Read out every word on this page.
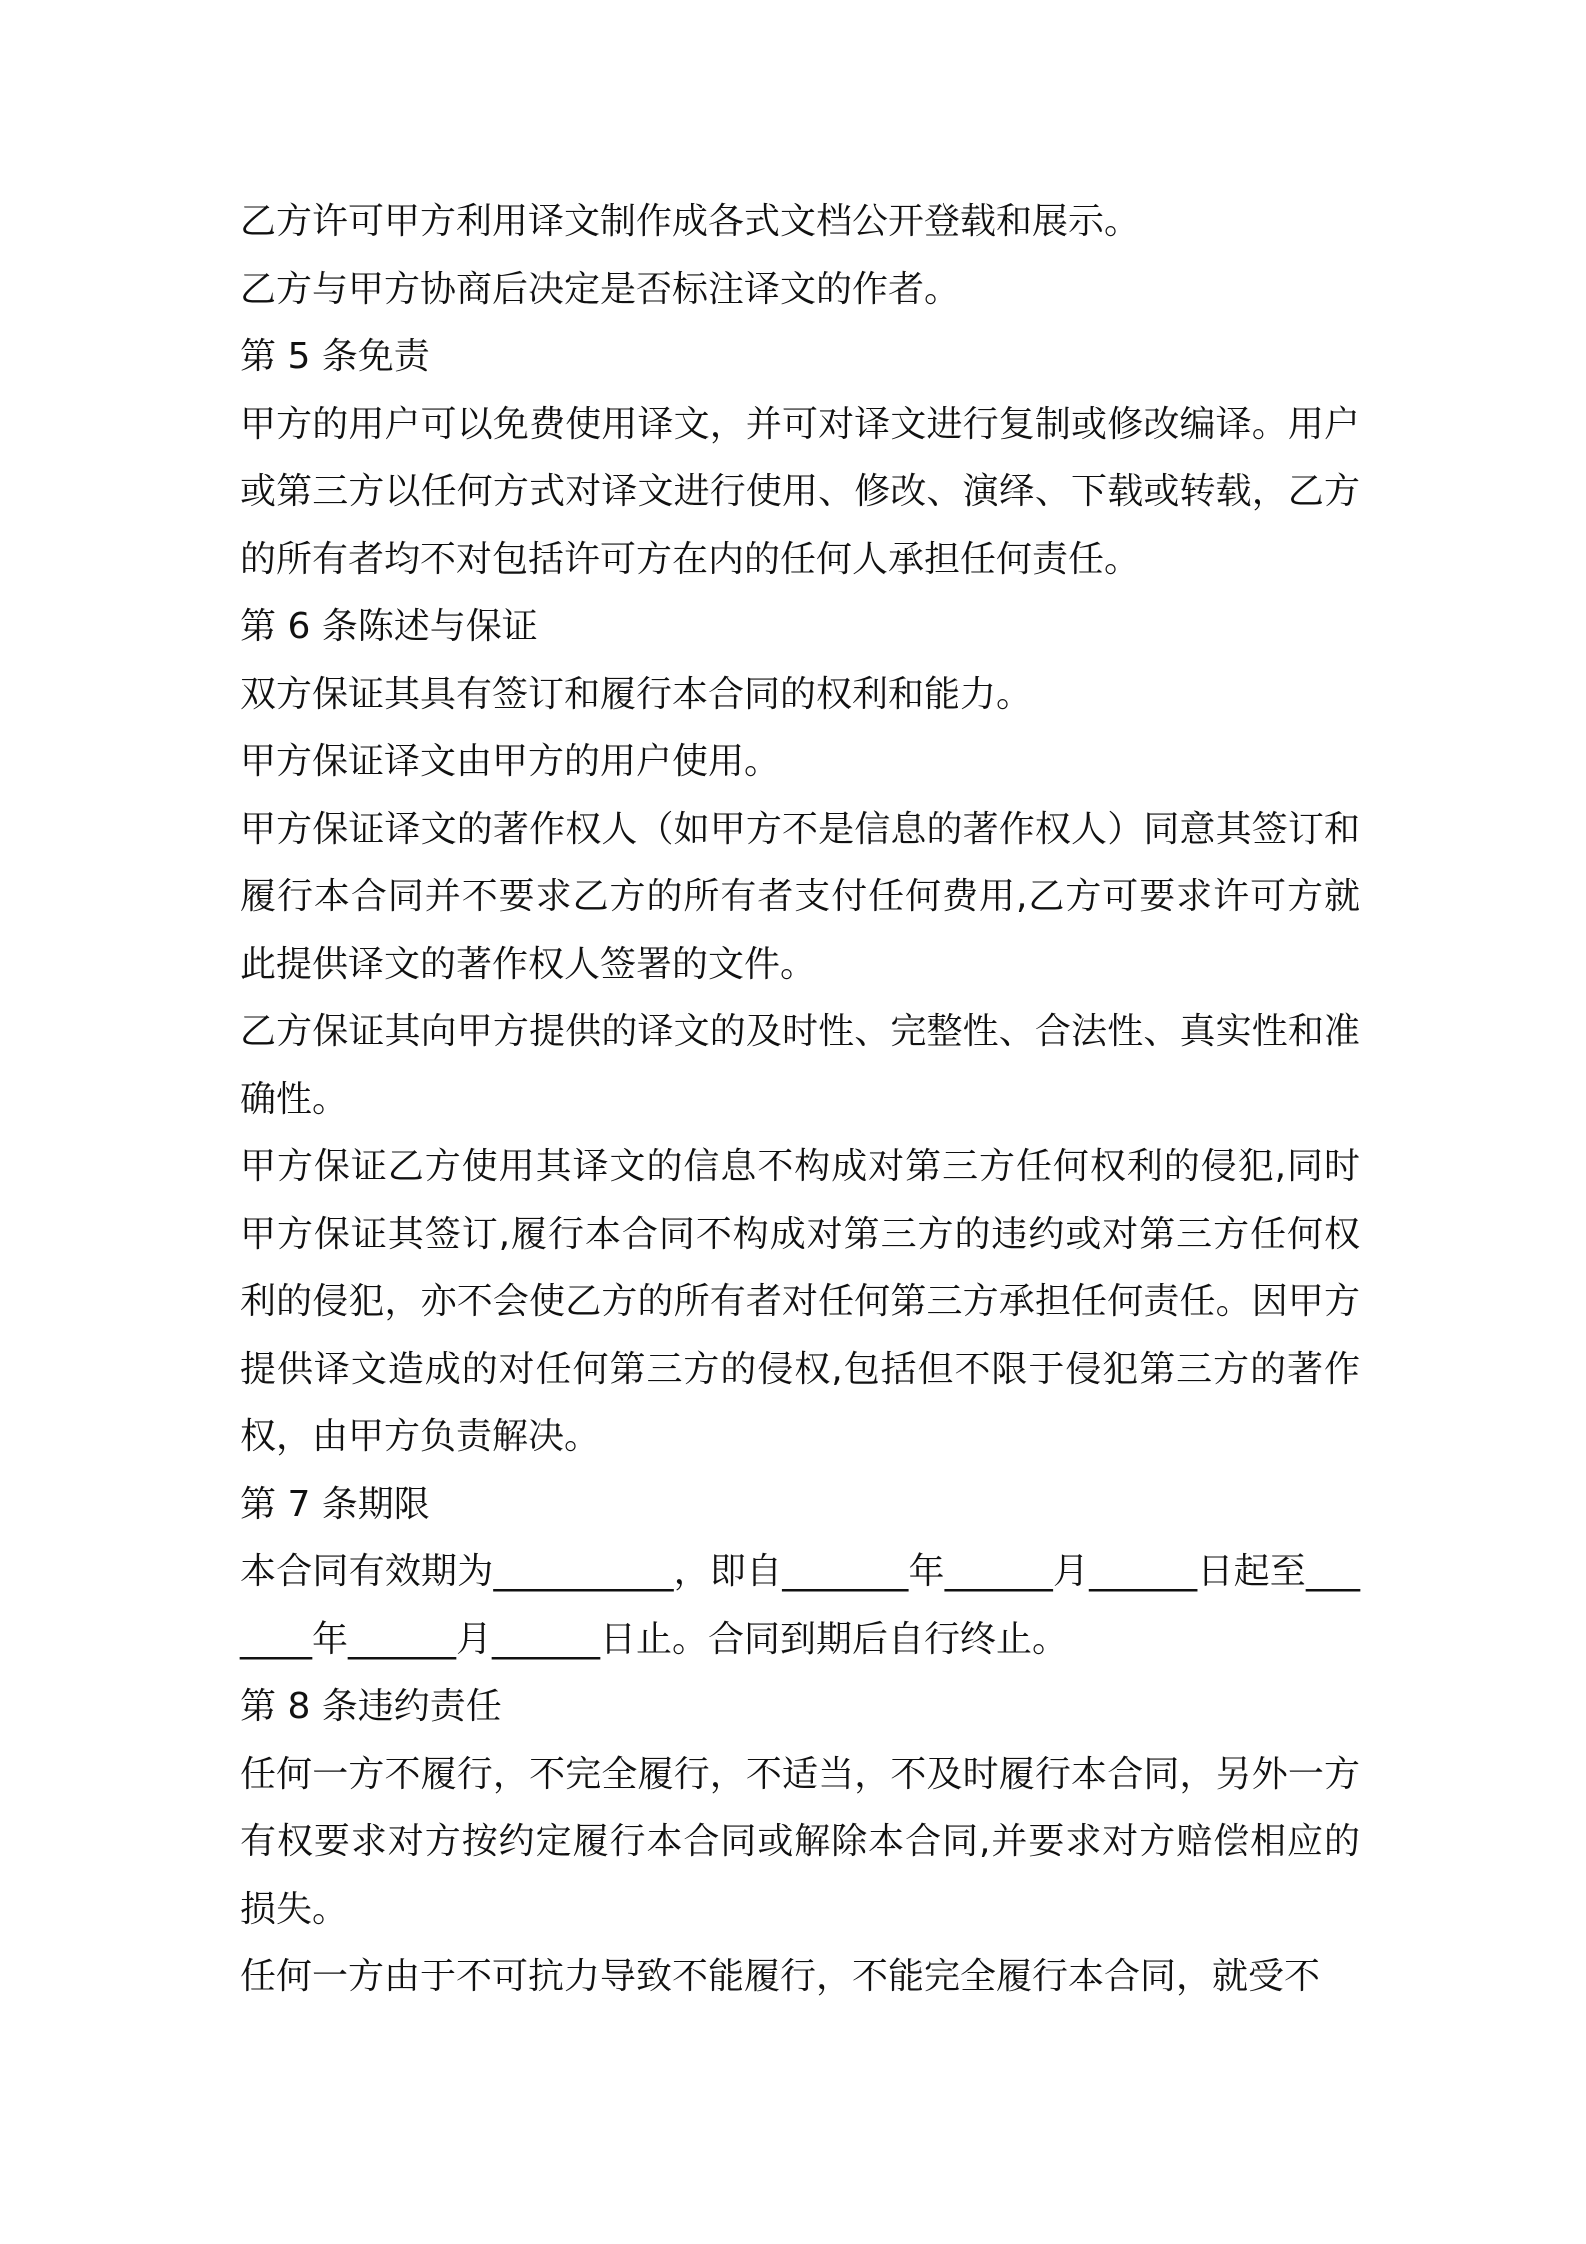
乙方许可甲方利用译文制作成各式文档公开登载和展示。

乙方与甲方协商后决定是否标注译文的作者。

第 5 条免责

甲方的用户可以免费使用译文，并可对译文进行复制或修改编译。用户或第三方以任何方式对译文进行使用、修改、演绎、下载或转载，乙方的所有者均不对包括许可方在内的任何人承担任何责任。

第 6 条陈述与保证

双方保证其具有签订和履行本合同的权利和能力。

甲方保证译文由甲方的用户使用。

甲方保证译文的著作权人（如甲方不是信息的著作权人）同意其签订和履行本合同并不要求乙方的所有者支付任何费用,乙方可要求许可方就此提供译文的著作权人签署的文件。

乙方保证其向甲方提供的译文的及时性、完整性、合法性、真实性和准确性。

甲方保证乙方使用其译文的信息不构成对第三方任何权利的侵犯,同时甲方保证其签订,履行本合同不构成对第三方的违约或对第三方任何权利的侵犯，亦不会使乙方的所有者对任何第三方承担任何责任。因甲方提供译文造成的对任何第三方的侵权,包括但不限于侵犯第三方的著作权，由甲方负责解决。

第 7 条期限

本合同有效期为__________，即自_______年______月______日起至_______年______月______日止。合同到期后自行终止。

第 8 条违约责任

任何一方不履行，不完全履行，不适当，不及时履行本合同，另外一方有权要求对方按约定履行本合同或解除本合同,并要求对方赔偿相应的损失。

任何一方由于不可抗力导致不能履行，不能完全履行本合同，就受不
